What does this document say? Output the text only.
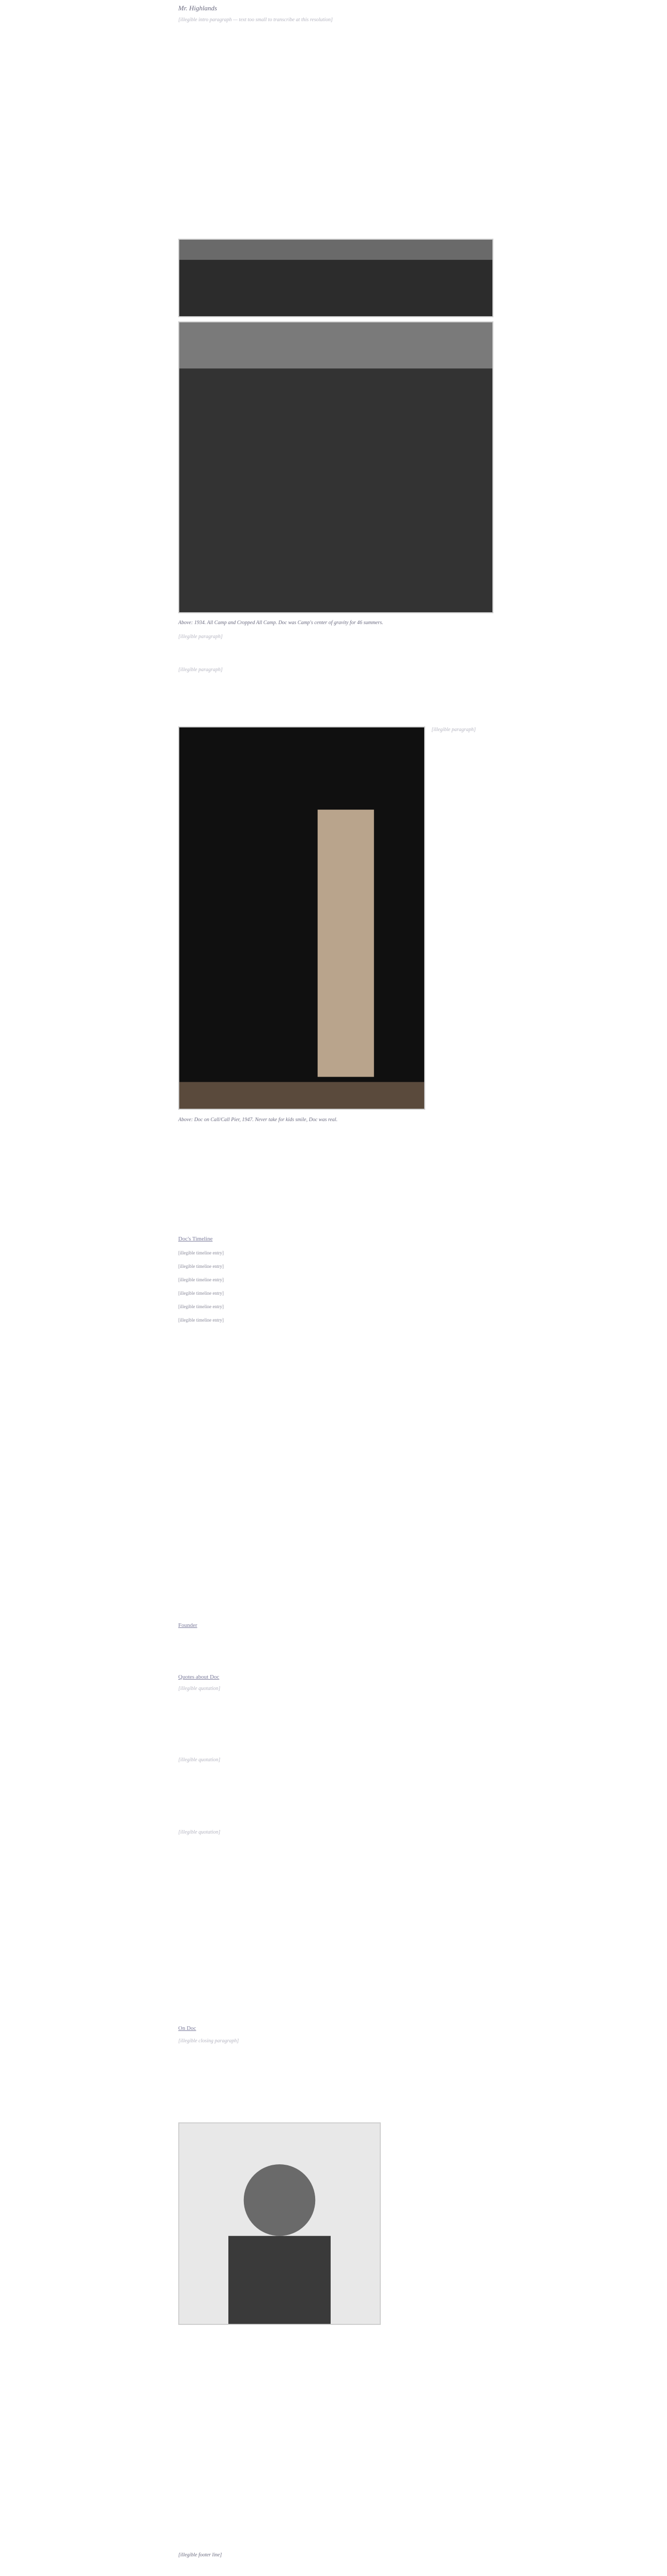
Mr. Highlands
[illegible intro paragraph — text too small to transcribe at this resolution]
Above: 1934. All Camp and Cropped All Camp. Doc was Camp's center of gravity for 46 summers.
[illegible paragraph]
[illegible paragraph]
[illegible paragraph]
Above: Doc on Call/Call Pier, 1947. Never take for kids smile, Doc was real.
Doc's Timeline
[illegible timeline entry]
[illegible timeline entry]
[illegible timeline entry]
[illegible timeline entry]
[illegible timeline entry]
[illegible timeline entry]
Founder
Quotes about Doc
[illegible quotation]
[illegible quotation]
[illegible quotation]
On Doc
[illegible closing paragraph]
[illegible footer line]
